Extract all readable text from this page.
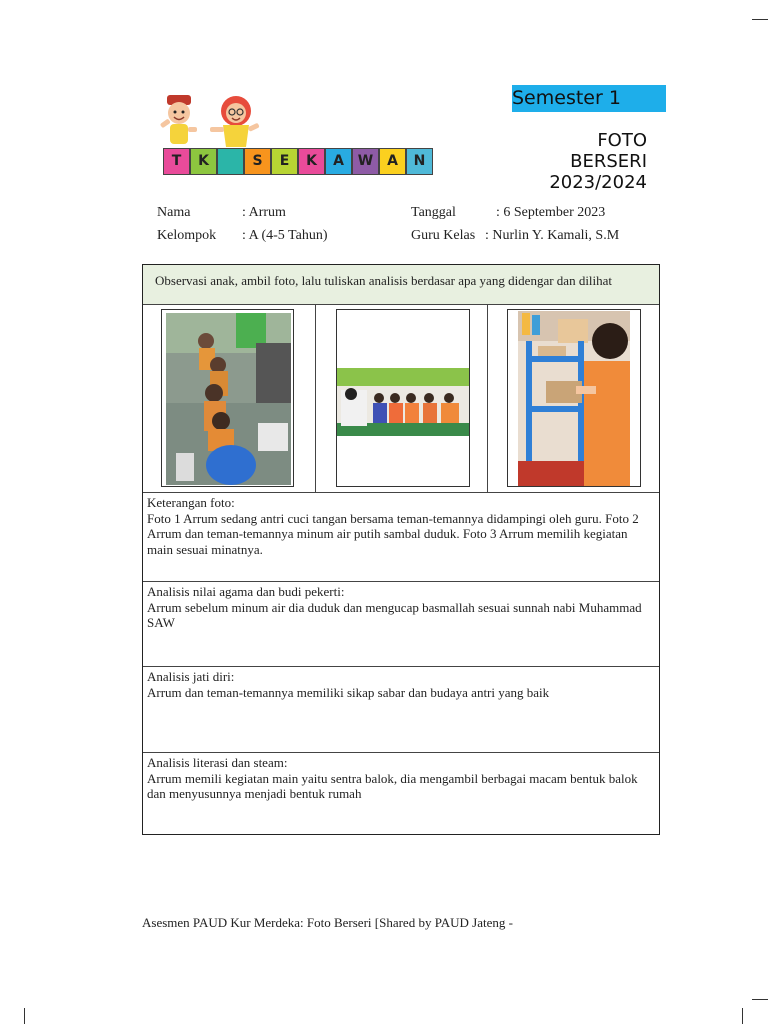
Semester 1
FOTO
BERSERI
2023/2024
T	K	S	E	K	A W A	N
Nama	: Arrum
Kelompok : A (4-5 Tahun)
Tanggal	: 6 September 2023
Guru Kelas : Nurlin Y. Kamali, S.M
Observasi anak, ambil foto, lalu tuliskan analisis berdasar apa yang didengar dan dilihat
Keterangan foto:
Foto 1 Arrum sedang antri cuci tangan bersama teman-temannya didampingi oleh guru. Foto 2 Arrum dan teman-temannya minum air putih sambal duduk. Foto 3 Arrum memilih kegiatan main sesuai minatnya.
Analisis nilai agama dan budi pekerti:
Arrum sebelum minum air dia duduk dan mengucap basmallah sesuai sunnah nabi Muhammad SAW
Analisis jati diri:
Arrum dan teman-temannya memiliki sikap sabar dan budaya antri yang baik
Analisis literasi dan steam:
Arrum memili kegiatan main yaitu sentra balok, dia mengambil berbagai macam bentuk balok dan menyusunnya menjadi bentuk rumah
Asesmen PAUD Kur Merdeka: Foto Berseri [Shared by PAUD Jateng -
